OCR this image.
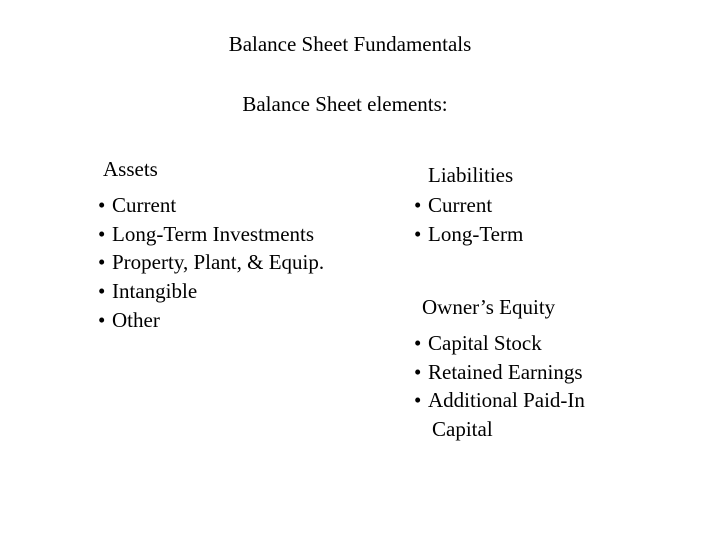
Balance Sheet Fundamentals
Balance Sheet elements:
Assets
• Current
• Long-Term Investments
• Property, Plant, & Equip.
• Intangible
• Other
Liabilities
• Current
• Long-Term
Owner’s Equity
• Capital Stock
• Retained Earnings
• Additional Paid-In
Capital
